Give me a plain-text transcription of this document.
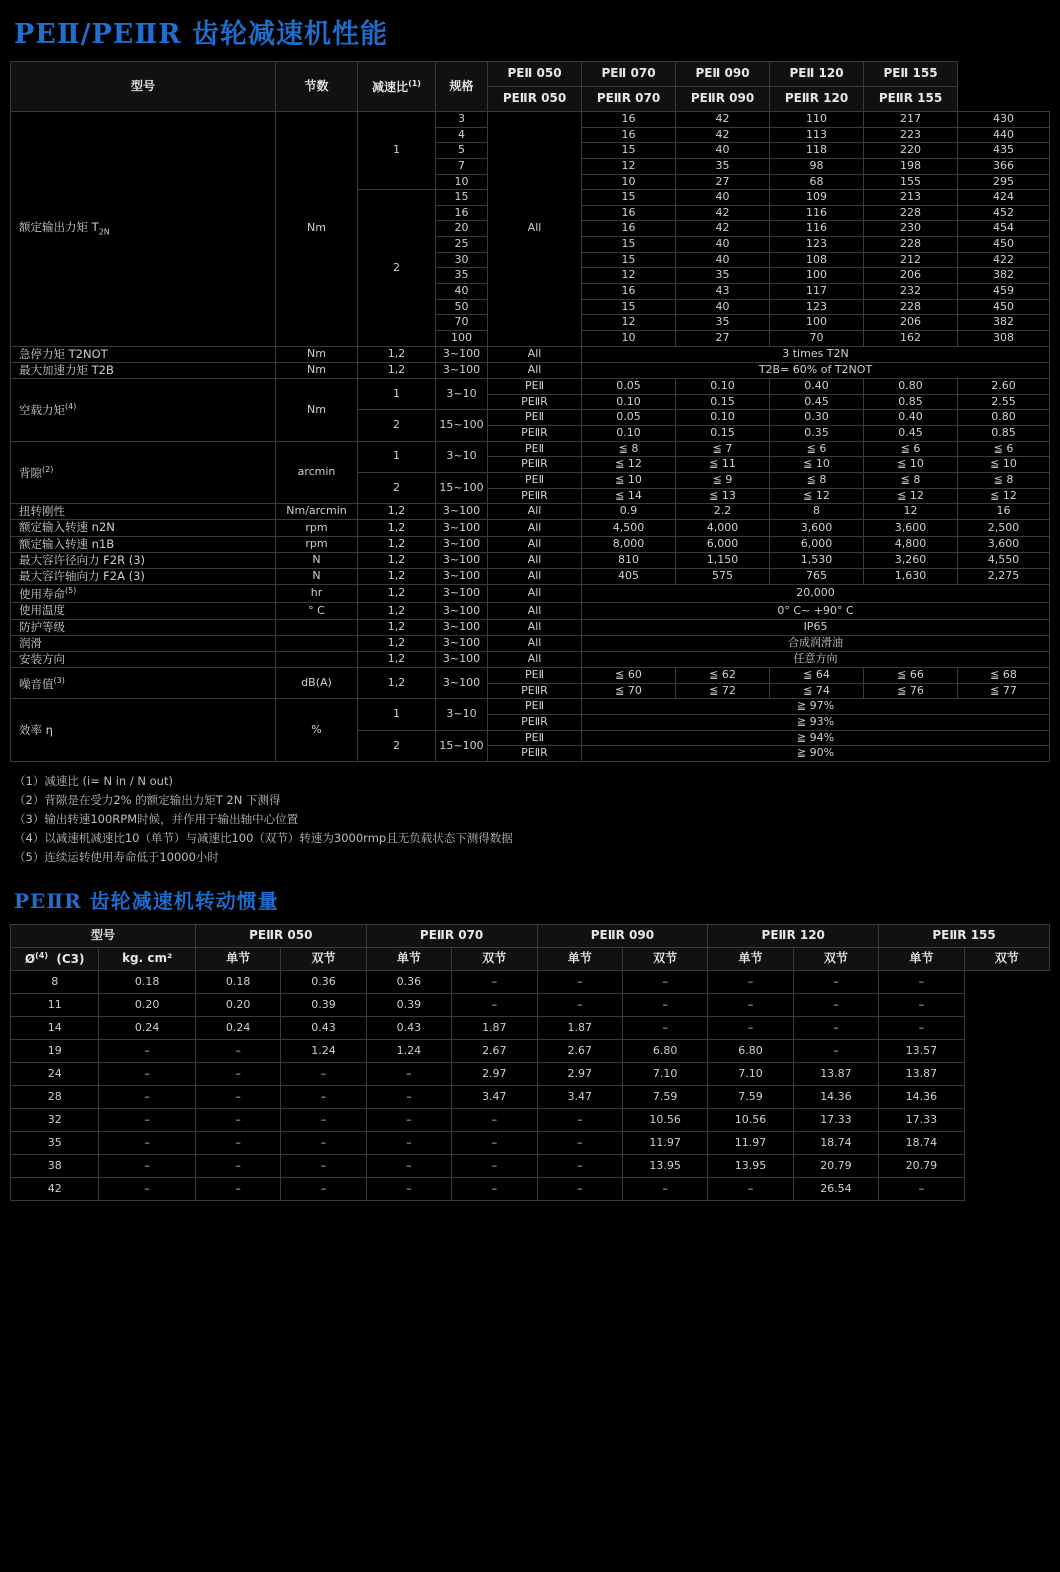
PEⅡ/PEⅡR 齿轮减速机性能
型号	节数	减速比$^{(1)}$	规格	PEⅡ 050	PEⅡ 070	PEⅡ 090	PEⅡ 120	PEⅡ 155	
				PEⅡR 050	PEⅡR 070	PEⅡR 090	PEⅡR 120	PEⅡR 155	
额定输出力矩 $T_{2N}$	Nm	1	3	All	16	42	110	217	430
			4		16	42	113	223	440
			5		15	40	118	220	435
			7		12	35	98	198	366
			10		10	27	68	155	295
		2	15		15	40	109	213	424
			16		16	42	116	228	452
			20		16	42	116	230	454
			25		15	40	123	228	450
			30		15	40	108	212	422
			35		12	35	100	206	382
			40		16	43	117	232	459
			50		15	40	123	228	450
			70		12	35	100	206	382
			100		10	27	70	162	308
急停力矩 T2NOT	Nm	1,2	3~100	All	3 times T2N				
最大加速力矩 T2B	Nm	1,2	3~100	All	T2B= 60% of T2NOT				
空载力矩$^{(4)}$	Nm	1	3~10	PEⅡ	0.05	0.10	0.40	0.80	2.60
				PEⅡR	0.10	0.15	0.45	0.85	2.55
		2	15~100	PEⅡ	0.05	0.10	0.30	0.40	0.80
				PEⅡR	0.10	0.15	0.35	0.45	0.85
背隙$^{(2)}$	arcmin	1	3~10	PEⅡ	≦ 8	≦ 7	≦ 6	≦ 6	≦ 6
				PEⅡR	≦ 12	≦ 11	≦ 10	≦ 10	≦ 10
		2	15~100	PEⅡ	≦ 10	≦ 9	≦ 8	≦ 8	≦ 8
				PEⅡR	≦ 14	≦ 13	≦ 12	≦ 12	≦ 12
扭转刚性	Nm/arcmin	1,2	3~100	All	0.9	2.2	8	12	16
额定输入转速 n2N	rpm	1,2	3~100	All	4,500	4,000	3,600	3,600	2,500
额定输入转速 n1B	rpm	1,2	3~100	All	8,000	6,000	6,000	4,800	3,600
最大容许径向力 F2R (3)	N	1,2	3~100	All	810	1,150	1,530	3,260	4,550
最大容许轴向力 F2A (3)	N	1,2	3~100	All	405	575	765	1,630	2,275
使用寿命$^{(5)}$	hr	1,2	3~100	All	20,000				
使用温度	° C	1,2	3~100	All	0° C~ +90° C				
防护等级		1,2	3~100	All	IP65				
润滑		1,2	3~100	All	合成润滑油				
安装方向		1,2	3~100	All	任意方向				
噪音值$^{(3)}$	dB(A)	1,2	3~100	PEⅡ	≦ 60	≦ 62	≦ 64	≦ 66	≦ 68
				PEⅡR	≦ 70	≦ 72	≦ 74	≦ 76	≦ 77
效率 η	%	1	3~10	PEⅡ	≧ 97%				
				PEⅡR	≧ 93%				
		2	15~100	PEⅡ	≧ 94%				
				PEⅡR	≧ 90%				
（1）减速比 (i= N in / N out)
（2）背隙是在受力2% 的额定输出力矩T 2N 下测得
（3）输出转速100RPM时候，并作用于输出轴中心位置
（4）以减速机减速比10（单节）与减速比100（双节）转速为3000rmp且无负载状态下测得数据
（5）连续运转使用寿命低于10000小时
PEⅡR 齿轮减速机转动惯量
型号		PEⅡR 050		PEⅡR 070		PEⅡR 090		PEⅡR 120		PEⅡR 155	
$Ø^{(4)}$  (C3)	kg. cm²	单节	双节	单节	双节	单节	双节	单节	双节	单节	双节
8	0.18	0.18	0.36	0.36	–	–	–	–	–	–	
11	0.20	0.20	0.39	0.39	–	–	–	–	–	–	
14	0.24	0.24	0.43	0.43	1.87	1.87	–	–	–	–	
19	–	–	1.24	1.24	2.67	2.67	6.80	6.80	–	13.57	
24	–	–	–	–	2.97	2.97	7.10	7.10	13.87	13.87	
28	–	–	–	–	3.47	3.47	7.59	7.59	14.36	14.36	
32	–	–	–	–	–	–	10.56	10.56	17.33	17.33	
35	–	–	–	–	–	–	11.97	11.97	18.74	18.74	
38	–	–	–	–	–	–	13.95	13.95	20.79	20.79	
42	–	–	–	–	–	–	–	–	26.54	–	
